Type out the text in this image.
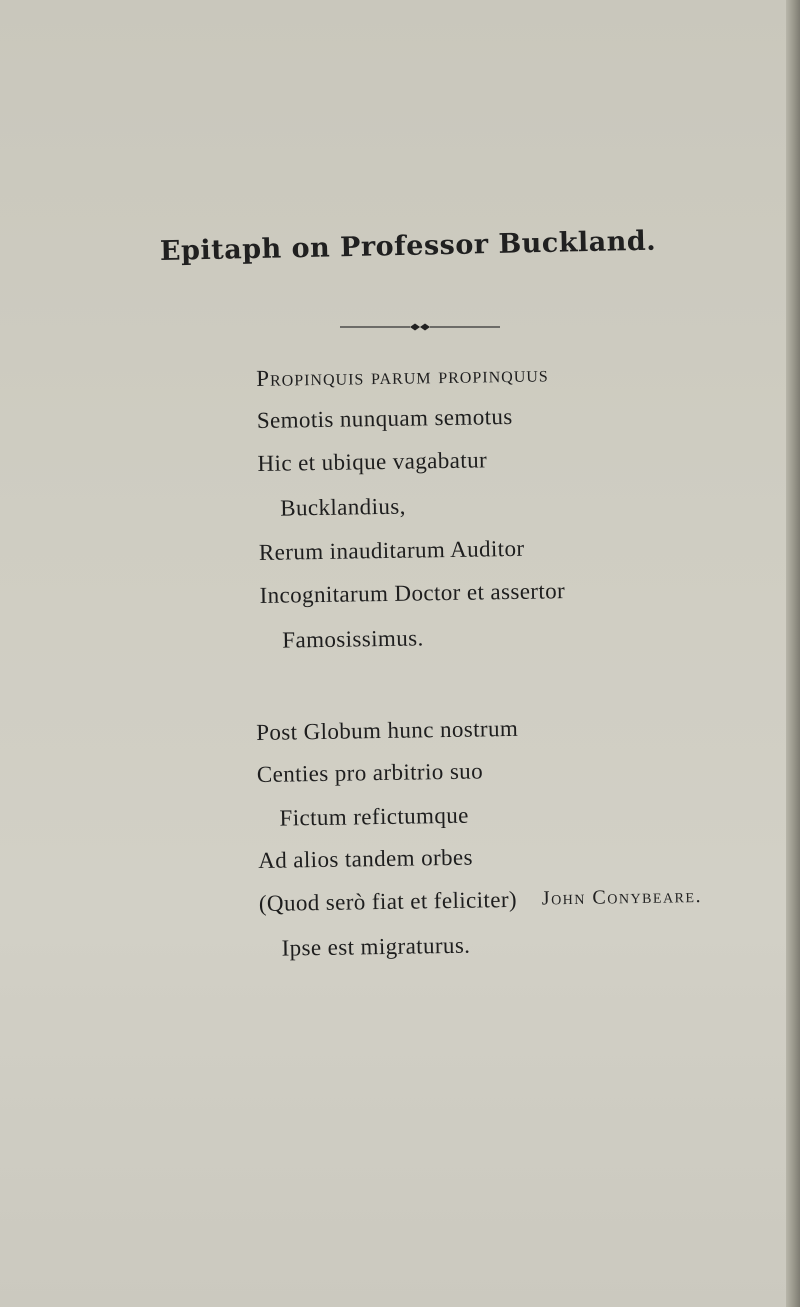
Epitaph on Professor Buckland.
Propinquis parum propinquus
Semotis nunquam semotus
Hic et ubique vagabatur
Bucklandius,
Rerum inauditarum Auditor
Incognitarum Doctor et assertor
Famosissimus.
Post Globum hunc nostrum
Centies pro arbitrio suo
Fictum refictumque
Ad alios tandem orbes
(Quod serò fiat et feliciter)
Ipse est migraturus.
John Conybeare.
